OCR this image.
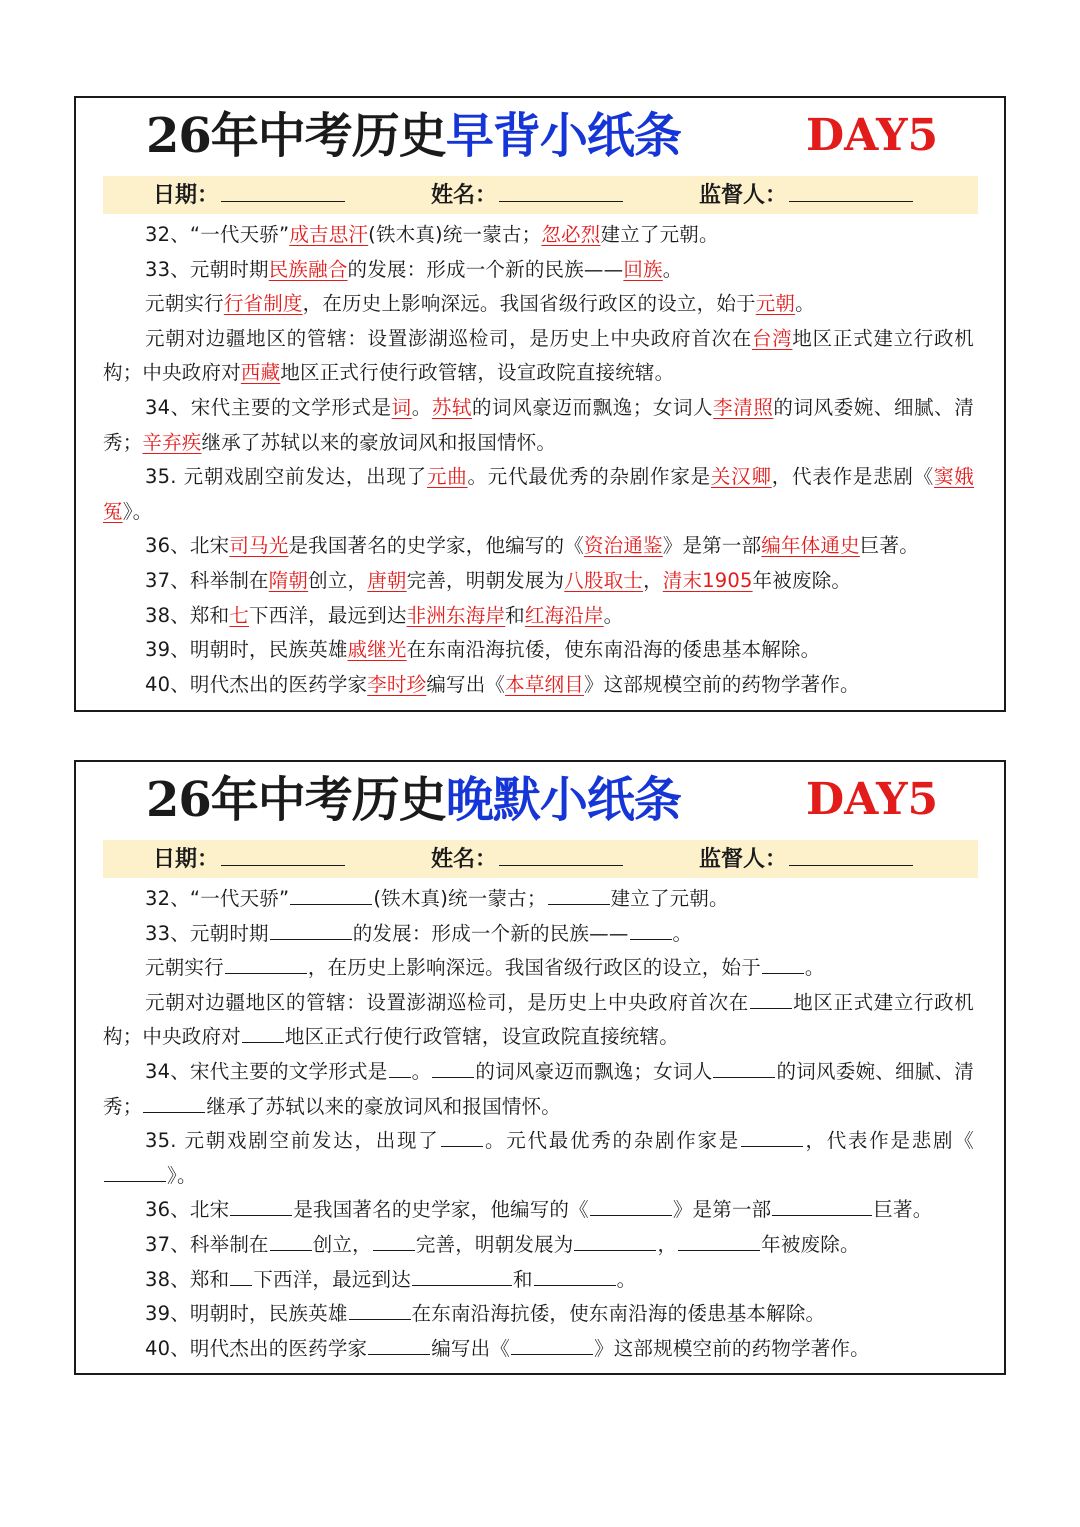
26年中考历史早背小纸条	DAY5
日期：	姓名：	监督人：

32、“一代天骄”成吉思汗(铁木真)统一蒙古；忽必烈建立了元朝。

33、元朝时期民族融合的发展：形成一个新的民族——回族。

元朝实行行省制度，在历史上影响深远。我国省级行政区的设立，始于元朝。

元朝对边疆地区的管辖：设置澎湖巡检司，是历史上中央政府首次在台湾地区正式建立行政机构；中央政府对西藏地区正式行使行政管辖，设宣政院直接统辖。

34、宋代主要的文学形式是词。苏轼的词风豪迈而飘逸；女词人李清照的词风委婉、细腻、清秀；辛弃疾继承了苏轼以来的豪放词风和报国情怀。

35. 元朝戏剧空前发达，出现了元曲。元代最优秀的杂剧作家是关汉卿，代表作是悲剧《窦娥冤》。

36、北宋司马光是我国著名的史学家，他编写的《资治通鉴》是第一部编年体通史巨著。

37、科举制在隋朝创立，唐朝完善，明朝发展为八股取士，清末1905年被废除。

38、郑和七下西洋，最远到达非洲东海岸和红海沿岸。

39、明朝时，民族英雄戚继光在东南沿海抗倭，使东南沿海的倭患基本解除。

40、明代杰出的医药学家李时珍编写出《本草纲目》这部规模空前的药物学著作。

26年中考历史晚默小纸条	DAY5
日期：	姓名：	监督人：

32、“一代天骄”	(铁木真)统一蒙古；	建立了元朝。

33、元朝时期	的发展：形成一个新的民族—— 。

元朝实行	，在历史上影响深远。我国省级行政区的设立，始于 。

元朝对边疆地区的管辖：设置澎湖巡检司，是历史上中央政府首次在 地区正式建立行政机构；中央政府对 地区正式行使行政管辖，设宣政院直接统辖。

34、宋代主要的文学形式是 。 的词风豪迈而飘逸；女词人	的词风委婉、细腻、清秀；	继承了苏轼以来的豪放词风和报国情怀。

35. 元朝戏剧空前发达，出现了 。元代最优秀的杂剧作家是	，代表作是悲剧《》。

36、北宋	是我国著名的史学家，他编写的《	》是第一部	巨著。

37、科举制在 创立， 完善，明朝发展为	，	年被废除。

38、郑和 下西洋，最远到达	和	。

39、明朝时，民族英雄	在东南沿海抗倭，使东南沿海的倭患基本解除。

40、明代杰出的医药学家	编写出《	》这部规模空前的药物学著作。
